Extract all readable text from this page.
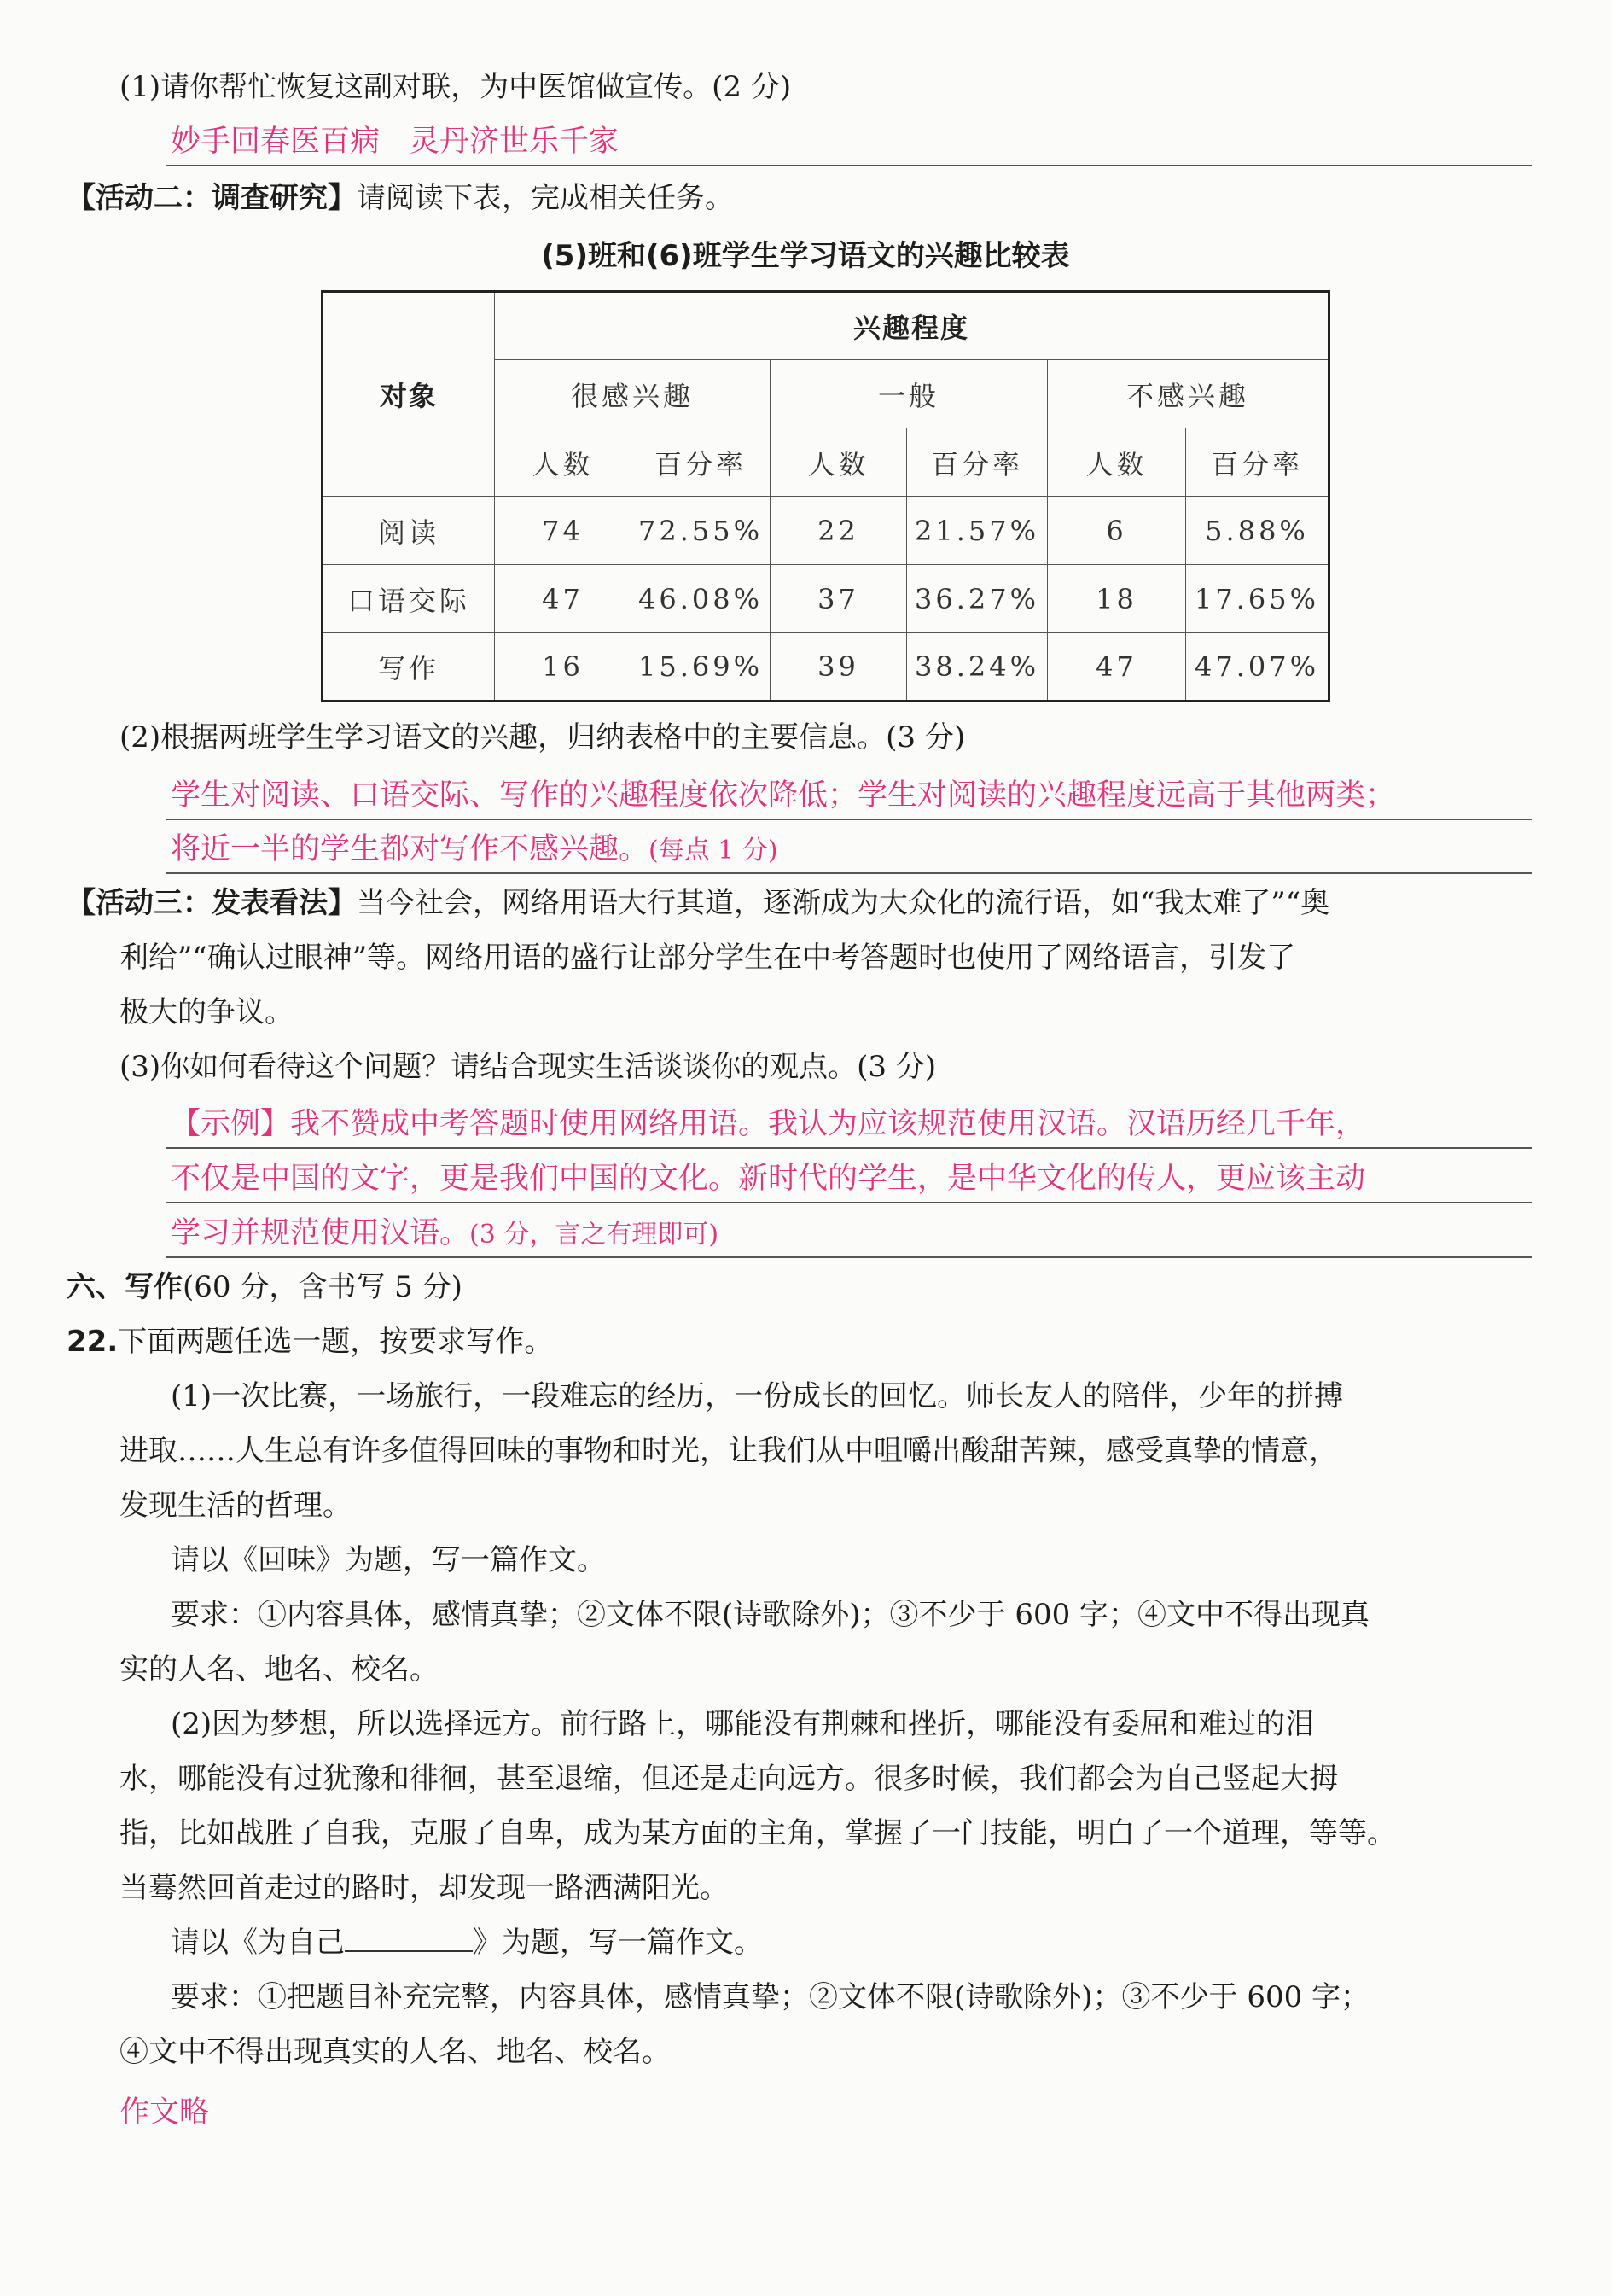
(1)请你帮忙恢复这副对联，为中医馆做宣传。(2 分)
妙手回春医百病　灵丹济世乐千家
【活动二：调查研究】请阅读下表，完成相关任务。
(5)班和(6)班学生学习语文的兴趣比较表
对象	兴趣程度					
	很感兴趣		一般		不感兴趣	
	人数	百分率	人数	百分率	人数	百分率
阅读	74	72.55%	22	21.57%	6	5.88%
口语交际	47	46.08%	37	36.27%	18	17.65%
写作	16	15.69%	39	38.24%	47	47.07%
(2)根据两班学生学习语文的兴趣，归纳表格中的主要信息。(3 分)
学生对阅读、口语交际、写作的兴趣程度依次降低；学生对阅读的兴趣程度远高于其他两类；
将近一半的学生都对写作不感兴趣。(每点 1 分)
【活动三：发表看法】当今社会，网络用语大行其道，逐渐成为大众化的流行语，如“我太难了”“奥
利给”“确认过眼神”等。网络用语的盛行让部分学生在中考答题时也使用了网络语言，引发了
极大的争议。
(3)你如何看待这个问题？请结合现实生活谈谈你的观点。(3 分)
【示例】我不赞成中考答题时使用网络用语。我认为应该规范使用汉语。汉语历经几千年，
不仅是中国的文字，更是我们中国的文化。新时代的学生，是中华文化的传人，更应该主动
学习并规范使用汉语。(3 分，言之有理即可)
六、写作(60 分，含书写 5 分)
22.下面两题任选一题，按要求写作。
(1)一次比赛，一场旅行，一段难忘的经历，一份成长的回忆。师长友人的陪伴，少年的拼搏
进取……人生总有许多值得回味的事物和时光，让我们从中咀嚼出酸甜苦辣，感受真挚的情意，
发现生活的哲理。
请以《回味》为题，写一篇作文。
要求：①内容具体，感情真挚；②文体不限(诗歌除外)；③不少于 600 字；④文中不得出现真
实的人名、地名、校名。
(2)因为梦想，所以选择远方。前行路上，哪能没有荆棘和挫折，哪能没有委屈和难过的泪
水，哪能没有过犹豫和徘徊，甚至退缩，但还是走向远方。很多时候，我们都会为自己竖起大拇
指，比如战胜了自我，克服了自卑，成为某方面的主角，掌握了一门技能，明白了一个道理，等等。
当蓦然回首走过的路时，却发现一路洒满阳光。
请以《为自己	》为题，写一篇作文。
要求：①把题目补充完整，内容具体，感情真挚；②文体不限(诗歌除外)；③不少于 600 字；
④文中不得出现真实的人名、地名、校名。
作文略
